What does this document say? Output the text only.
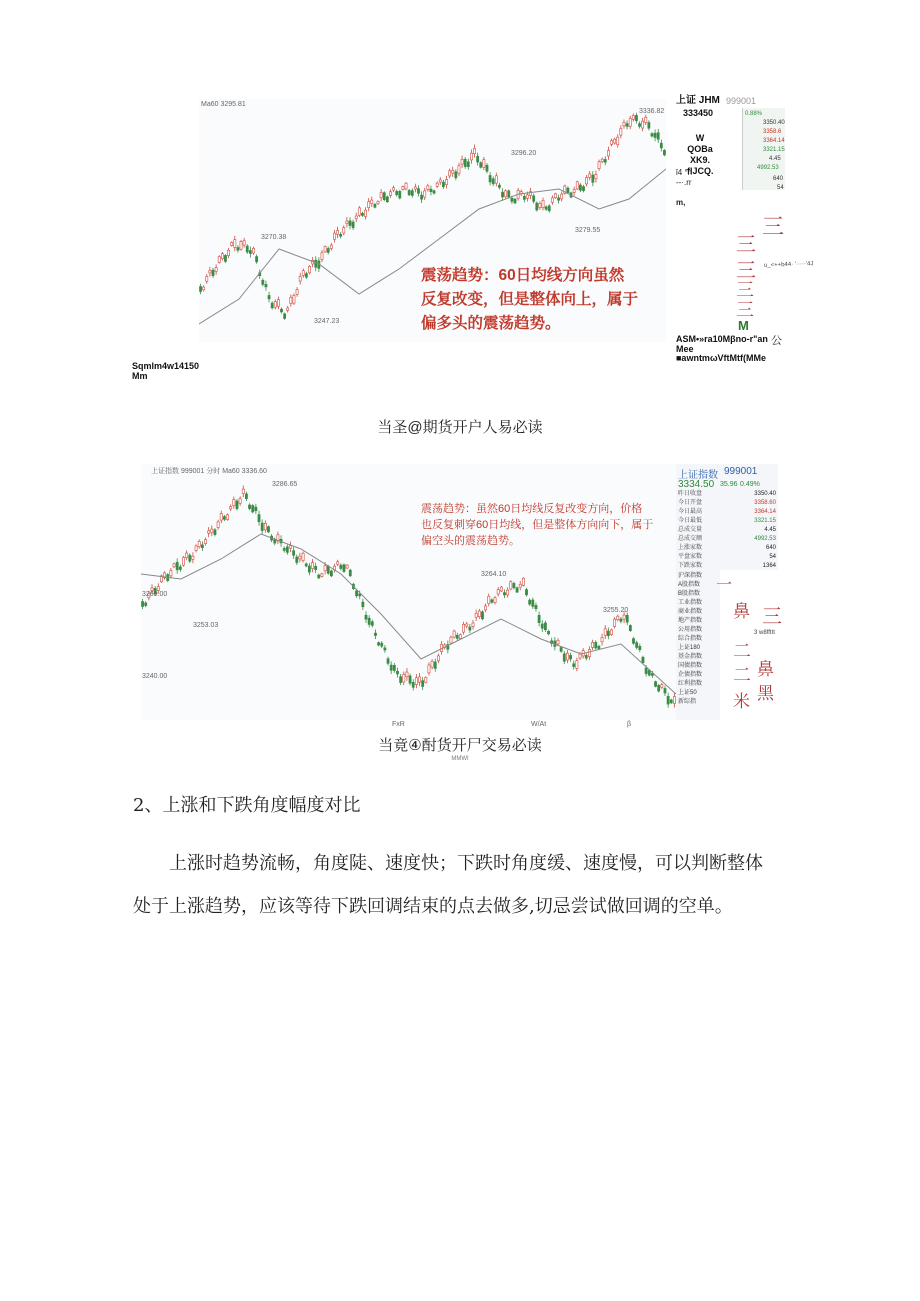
Ma60 3295.81
3270.38
3247.23
3296.20
3279.55
3336.82
震荡趋势：60日均线方向虽然
反复改变，但是整体向上，属于
偏多头的震荡趋势。
上证 JHM 999001
333450
W
QOBa
XK9.
flJCQ.
ǐ4 °n
--·.rr
m,
0.88%
3350.40
3358.6
3364.14
3321.15
4.45
4992.53
640
54
三
三
三
三
三
M
u_<++b44· '·····'4J
ASM•»ra10Mβno-r"an 公
Mee
■awntmωVftMtf(MMe
Sqmlm4w14150
Mm
当圣@期货开户人易必读
上证指数 999001 分时 Ma60 3336.60
3286.65
3253.03
3264.10
3255.20
3260.00
3240.00
震荡趋势：虽然60日均线反复改变方向，价格
也反复刺穿60日均线，但是整体方向向下，属于
偏空头的震荡趋势。
FxR	W/At	β
上证指数 999001
3334.50 35.96 0.49%
昨日收盘	3350.40
今日开盘	3358.60
今日最高	3364.14
今日最低	3321.15
总成交量	4.45
总成交额	4992.53
上涨家数	640
平盘家数	54
下跌家数	1364
沪深指数
A股指数
B股指数
工业指数
商业指数
地产指数
公用指数
综合指数
上证180
基金指数
国债指数
企债指数
红利指数
上证50
新综指
三
鼻
二
鼻
二
黑
米
一
3 w8fftIt
当竟④酎货开尸交易必读
MMWI
2、上涨和下跌角度幅度对比
上涨时趋势流畅，角度陡、速度快；下跌时角度缓、速度慢，可以判断整体处于上涨趋势，应该等待下跌回调结束的点去做多,切忌尝试做回调的空单。
